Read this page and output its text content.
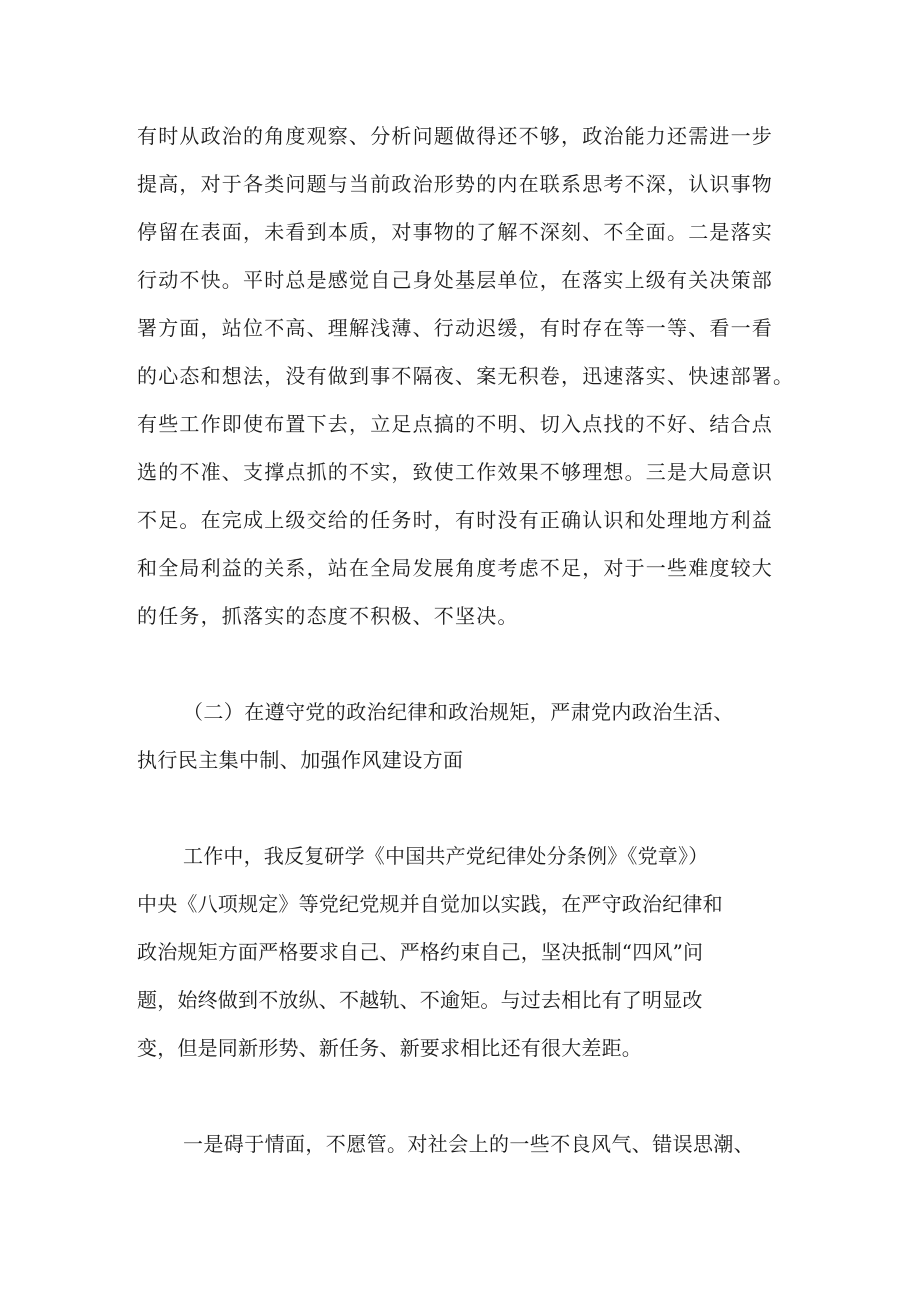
有时从政治的角度观察、分析问题做得还不够，政治能力还需进一步
提高，对于各类问题与当前政治形势的内在联系思考不深，认识事物
停留在表面，未看到本质，对事物的了解不深刻、不全面。二是落实
行动不快。平时总是感觉自己身处基层单位，在落实上级有关决策部
署方面，站位不高、理解浅薄、行动迟缓，有时存在等一等、看一看
的心态和想法，没有做到事不隔夜、案无积卷，迅速落实、快速部署。
有些工作即使布置下去，立足点搞的不明、切入点找的不好、结合点
选的不准、支撑点抓的不实，致使工作效果不够理想。三是大局意识
不足。在完成上级交给的任务时，有时没有正确认识和处理地方利益
和全局利益的关系，站在全局发展角度考虑不足，对于一些难度较大
的任务，抓落实的态度不积极、不坚决。
（二）在遵守党的政治纪律和政治规矩，严肃党内政治生活、
执行民主集中制、加强作风建设方面
工作中，我反复研学《中国共产党纪律处分条例》《党章》）
中央《八项规定》等党纪党规并自觉加以实践，在严守政治纪律和
政治规矩方面严格要求自己、严格约束自己，坚决抵制“四风”问
题，始终做到不放纵、不越轨、不逾矩。与过去相比有了明显改
变，但是同新形势、新任务、新要求相比还有很大差距。
一是碍于情面，不愿管。对社会上的一些不良风气、错误思潮、
